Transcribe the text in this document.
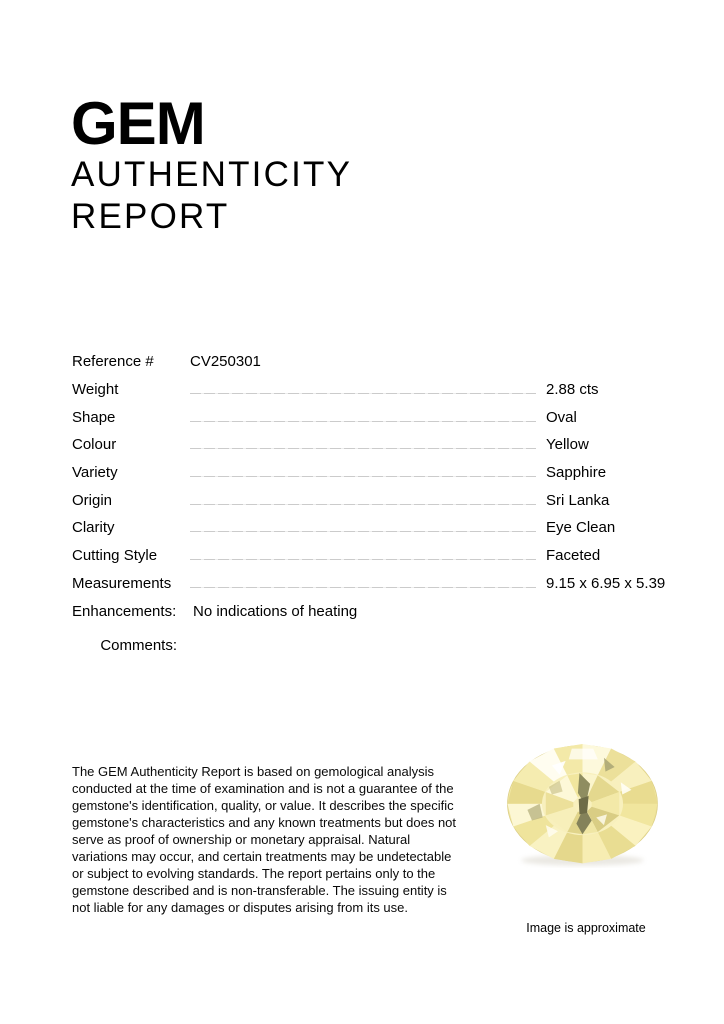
GEM
AUTHENTICITY
REPORT
Reference #	CV250301
Weight	2.88 cts
Shape	Oval
Colour	Yellow
Variety	Sapphire
Origin	Sri Lanka
Clarity	Eye Clean
Cutting Style	Faceted
Measurements	9.15 x 6.95 x 5.39
Enhancements:	No indications of heating
Comments:
The GEM Authenticity Report is based on gemological analysis conducted at the time of examination and is not a guarantee of the gemstone's identification, quality, or value. It describes the specific gemstone's characteristics and any known treatments but does not serve as proof of ownership or monetary appraisal. Natural variations may occur, and certain treatments may be undetectable or subject to evolving standards. The report pertains only to the gemstone described and is non-transferable. The issuing entity is not liable for any damages or disputes arising from its use.
Image is approximate
